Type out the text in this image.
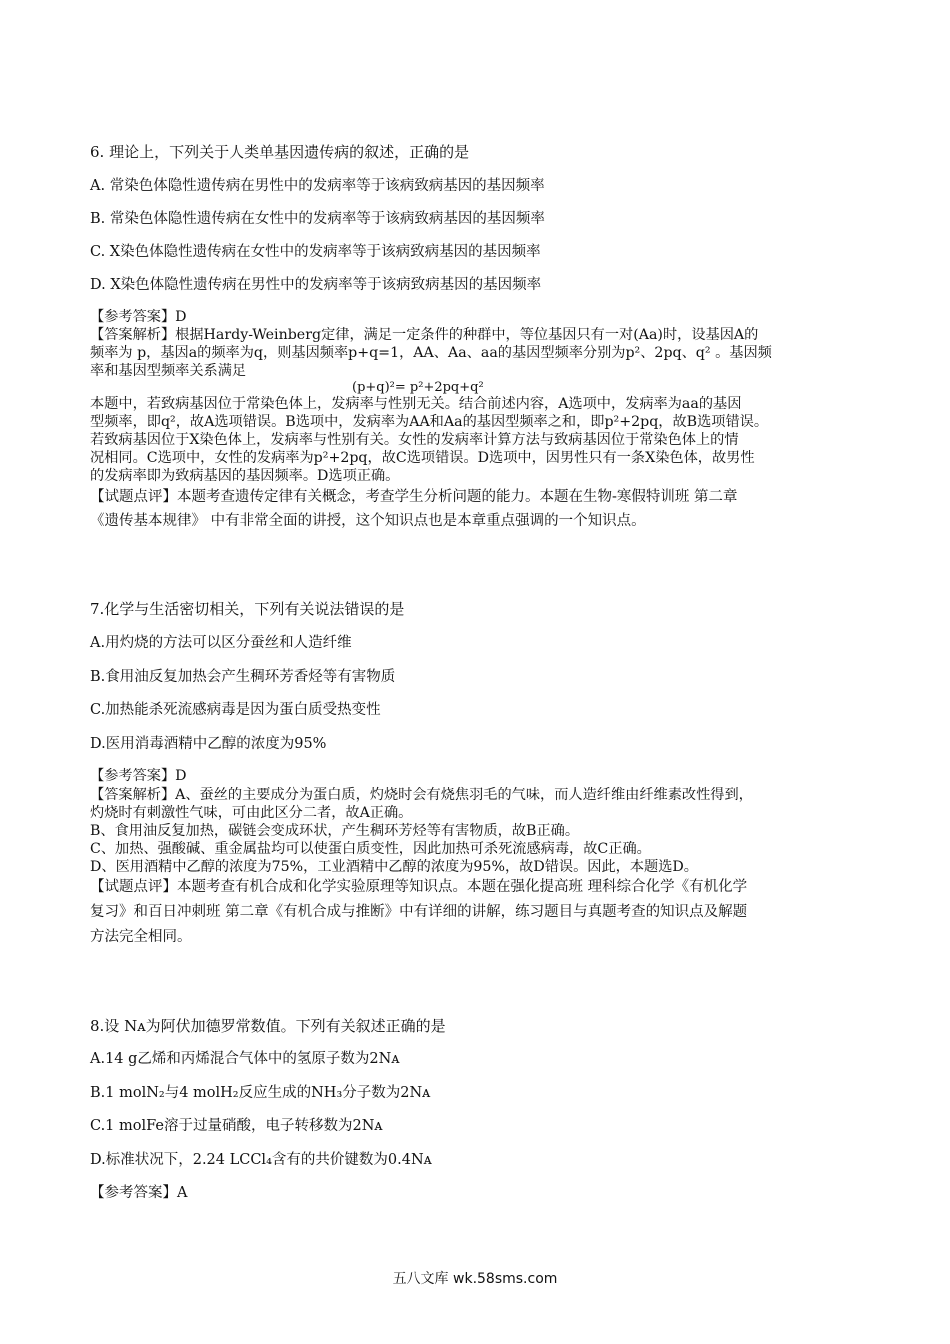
6. 理论上，下列关于人类单基因遗传病的叙述，正确的是
A. 常染色体隐性遗传病在男性中的发病率等于该病致病基因的基因频率
B. 常染色体隐性遗传病在女性中的发病率等于该病致病基因的基因频率
C. X染色体隐性遗传病在女性中的发病率等于该病致病基因的基因频率
D. X染色体隐性遗传病在男性中的发病率等于该病致病基因的基因频率
【参考答案】D
【答案解析】根据Hardy-Weinberg定律，满足一定条件的种群中，等位基因只有一对(Aa)时，设基因A的
频率为 p，基因a的频率为q，则基因频率p+q=1，AA、Aa、aa的基因型频率分别为p²、2pq、q² 。基因频
率和基因型频率关系满足
(p+q)²= p²+2pq+q²
本题中，若致病基因位于常染色体上，发病率与性别无关。结合前述内容，A选项中，发病率为aa的基因
型频率，即q²，故A选项错误。B选项中，发病率为AA和Aa的基因型频率之和，即p²+2pq，故B选项错误。
若致病基因位于X染色体上，发病率与性别有关。女性的发病率计算方法与致病基因位于常染色体上的情
况相同。C选项中，女性的发病率为p²+2pq，故C选项错误。D选项中，因男性只有一条X染色体，故男性
的发病率即为致病基因的基因频率。D选项正确。
【试题点评】本题考查遗传定律有关概念，考查学生分析问题的能力。本题在生物-寒假特训班 第二章
《遗传基本规律》 中有非常全面的讲授，这个知识点也是本章重点强调的一个知识点。
7.化学与生活密切相关，下列有关说法错误的是
A.用灼烧的方法可以区分蚕丝和人造纤维
B.食用油反复加热会产生稠环芳香烃等有害物质
C.加热能杀死流感病毒是因为蛋白质受热变性
D.医用消毒酒精中乙醇的浓度为95%
【参考答案】D
【答案解析】A、蚕丝的主要成分为蛋白质，灼烧时会有烧焦羽毛的气味，而人造纤维由纤维素改性得到，
灼烧时有刺激性气味，可由此区分二者，故A正确。
B、食用油反复加热，碳链会变成环状，产生稠环芳烃等有害物质，故B正确。
C、加热、强酸碱、重金属盐均可以使蛋白质变性，因此加热可杀死流感病毒，故C正确。
D、医用酒精中乙醇的浓度为75%，工业酒精中乙醇的浓度为95%，故D错误。因此，本题选D。
【试题点评】本题考查有机合成和化学实验原理等知识点。本题在强化提高班 理科综合化学《有机化学
复习》和百日冲刺班 第二章《有机合成与推断》中有详细的讲解，练习题目与真题考查的知识点及解题
方法完全相同。
8.设 Nᴀ为阿伏加德罗常数值。下列有关叙述正确的是
A.14 g乙烯和丙烯混合气体中的氢原子数为2Nᴀ
B.1 molN₂与4 molH₂反应生成的NH₃分子数为2Nᴀ
C.1 molFe溶于过量硝酸，电子转移数为2Nᴀ
D.标准状况下，2.24 LCCl₄含有的共价键数为0.4Nᴀ
【参考答案】A
五八文库 wk.58sms.com
